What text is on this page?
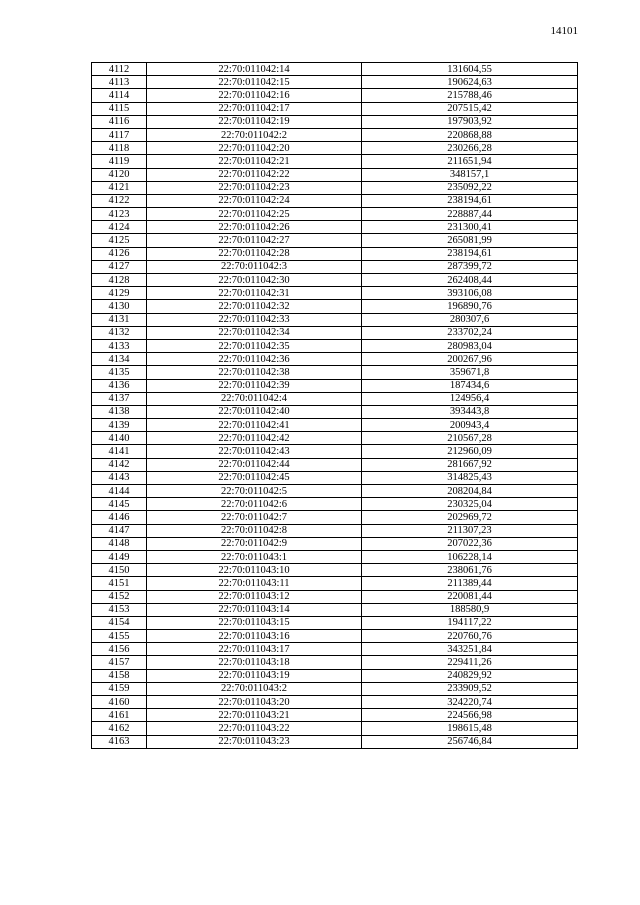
14101
4112	22:70:011042:14	131604,55
4113	22:70:011042:15	190624,63
4114	22:70:011042:16	215788,46
4115	22:70:011042:17	207515,42
4116	22:70:011042:19	197903,92
4117	22:70:011042:2	220868,88
4118	22:70:011042:20	230266,28
4119	22:70:011042:21	211651,94
4120	22:70:011042:22	348157,1
4121	22:70:011042:23	235092,22
4122	22:70:011042:24	238194,61
4123	22:70:011042:25	228887,44
4124	22:70:011042:26	231300,41
4125	22:70:011042:27	265081,99
4126	22:70:011042:28	238194,61
4127	22:70:011042:3	287399,72
4128	22:70:011042:30	262408,44
4129	22:70:011042:31	393106,08
4130	22:70:011042:32	196890,76
4131	22:70:011042:33	280307,6
4132	22:70:011042:34	233702,24
4133	22:70:011042:35	280983,04
4134	22:70:011042:36	200267,96
4135	22:70:011042:38	359671,8
4136	22:70:011042:39	187434,6
4137	22:70:011042:4	124956,4
4138	22:70:011042:40	393443,8
4139	22:70:011042:41	200943,4
4140	22:70:011042:42	210567,28
4141	22:70:011042:43	212960,09
4142	22:70:011042:44	281667,92
4143	22:70:011042:45	314825,43
4144	22:70:011042:5	208204,84
4145	22:70:011042:6	230325,04
4146	22:70:011042:7	202969,72
4147	22:70:011042:8	211307,23
4148	22:70:011042:9	207022,36
4149	22:70:011043:1	106228,14
4150	22:70:011043:10	238061,76
4151	22:70:011043:11	211389,44
4152	22:70:011043:12	220081,44
4153	22:70:011043:14	188580,9
4154	22:70:011043:15	194117,22
4155	22:70:011043:16	220760,76
4156	22:70:011043:17	343251,84
4157	22:70:011043:18	229411,26
4158	22:70:011043:19	240829,92
4159	22:70:011043:2	233909,52
4160	22:70:011043:20	324220,74
4161	22:70:011043:21	224566,98
4162	22:70:011043:22	198615,48
4163	22:70:011043:23	256746,84
